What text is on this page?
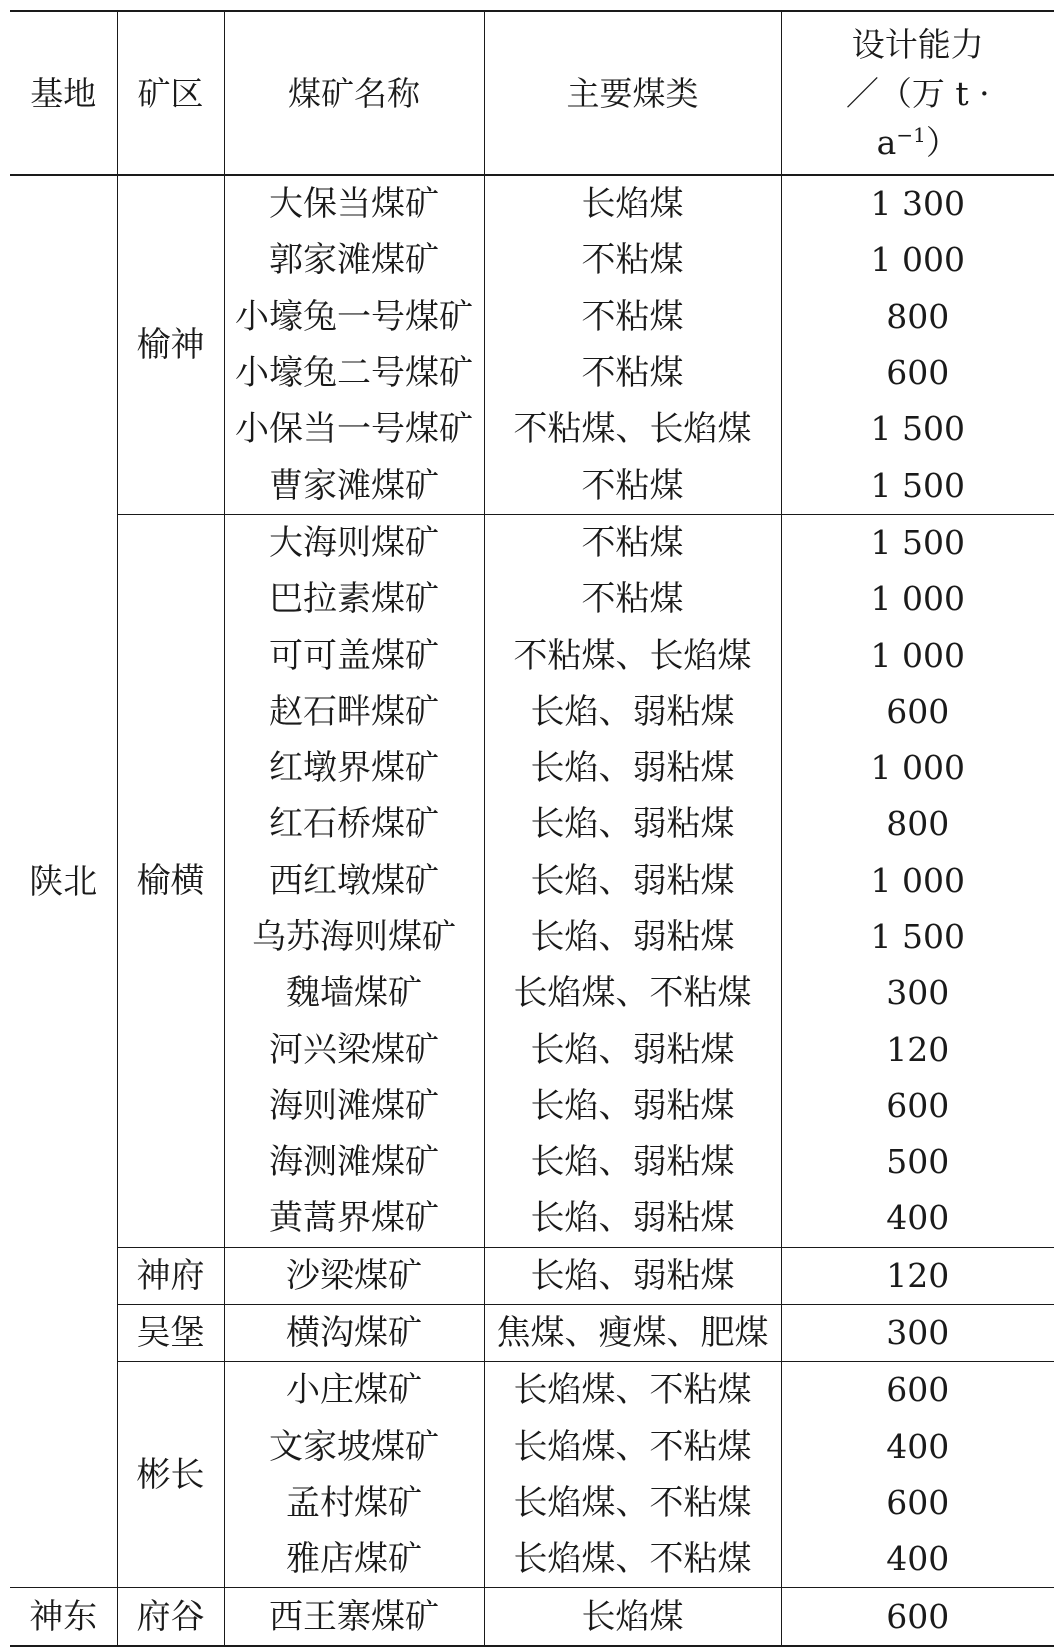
基地	矿区	煤矿名称	主要煤类	设计能力
／（万 t ·
$a^{-1}$）

陕北	榆神	大保当煤矿	长焰煤	1 300
		郭家滩煤矿	不粘煤	1 000
		小壕兔一号煤矿	不粘煤	800
		小壕兔二号煤矿	不粘煤	600
		小保当一号煤矿	不粘煤、长焰煤	1 500
		曹家滩煤矿	不粘煤	1 500
	榆横	大海则煤矿	不粘煤	1 500
		巴拉素煤矿	不粘煤	1 000
		可可盖煤矿	不粘煤、长焰煤	1 000
		赵石畔煤矿	长焰、弱粘煤	600
		红墩界煤矿	长焰、弱粘煤	1 000
		红石桥煤矿	长焰、弱粘煤	800
		西红墩煤矿	长焰、弱粘煤	1 000
		乌苏海则煤矿	长焰、弱粘煤	1 500
		魏墙煤矿	长焰煤、不粘煤	300
		河兴梁煤矿	长焰、弱粘煤	120
		海则滩煤矿	长焰、弱粘煤	600
		海测滩煤矿	长焰、弱粘煤	500
		黄蒿界煤矿	长焰、弱粘煤	400
	神府	沙梁煤矿	长焰、弱粘煤	120
	吴堡	横沟煤矿	焦煤、瘦煤、肥煤	300
	彬长	小庄煤矿	长焰煤、不粘煤	600
		文家坡煤矿	长焰煤、不粘煤	400
		孟村煤矿	长焰煤、不粘煤	600
		雅店煤矿	长焰煤、不粘煤	400
神东	府谷	西王寨煤矿	长焰煤	600
